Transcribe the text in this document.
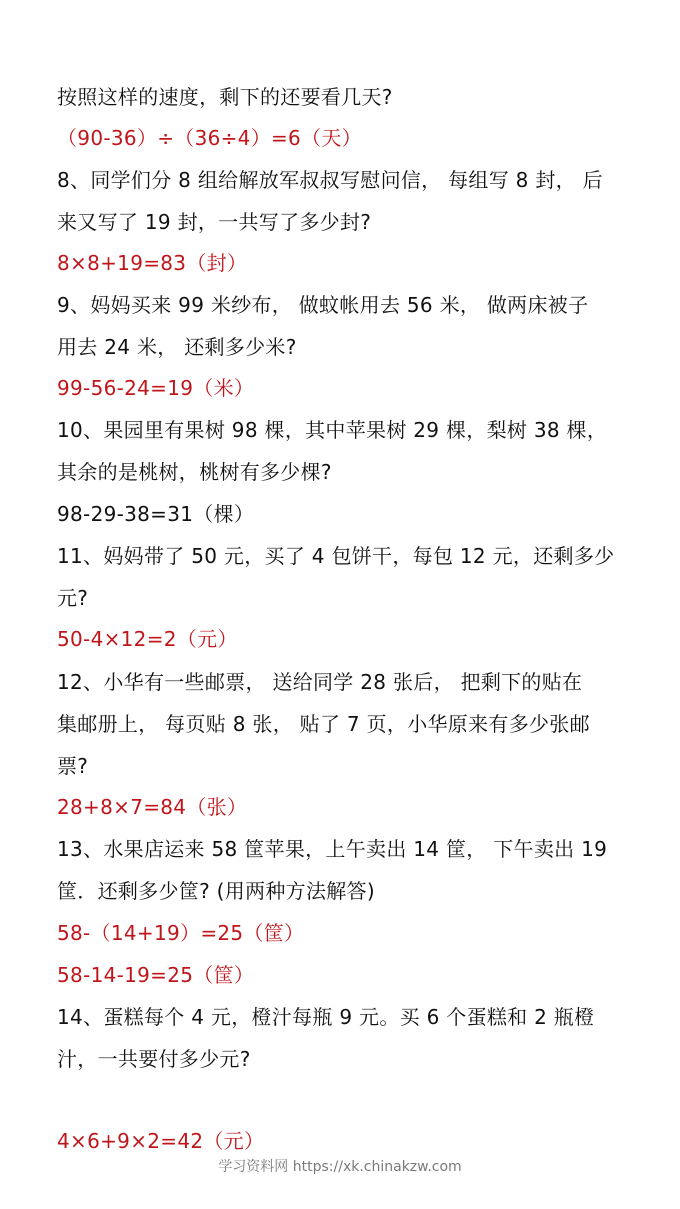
按照这样的速度，剩下的还要看几天?
（90-36）÷（36÷4）=6（天）
8、同学们分 8 组给解放军叔叔写慰问信， 每组写 8 封， 后
来又写了 19 封，一共写了多少封?
8×8+19=83（封）
9、妈妈买来 99 米纱布， 做蚊帐用去 56 米， 做两床被子
用去 24 米， 还剩多少米?
99-56-24=19（米）
10、果园里有果树 98 棵，其中苹果树 29 棵，梨树 38 棵，
其余的是桃树，桃树有多少棵?
98-29-38=31（棵）
11、妈妈带了 50 元，买了 4 包饼干，每包 12 元，还剩多少
元?
50-4×12=2（元）
12、小华有一些邮票， 送给同学 28 张后， 把剩下的贴在
集邮册上， 每页贴 8 张， 贴了 7 页，小华原来有多少张邮
票?
28+8×7=84（张）
13、水果店运来 58 筐苹果，上午卖出 14 筐， 下午卖出 19
筐．还剩多少筐? (用两种方法解答)
58-（14+19）=25（筐）
58-14-19=25（筐）
14、蛋糕每个 4 元，橙汁每瓶 9 元。买 6 个蛋糕和 2 瓶橙
汁，一共要付多少元?
4×6+9×2=42（元）
学习资料网 https://xk.chinakzw.com
